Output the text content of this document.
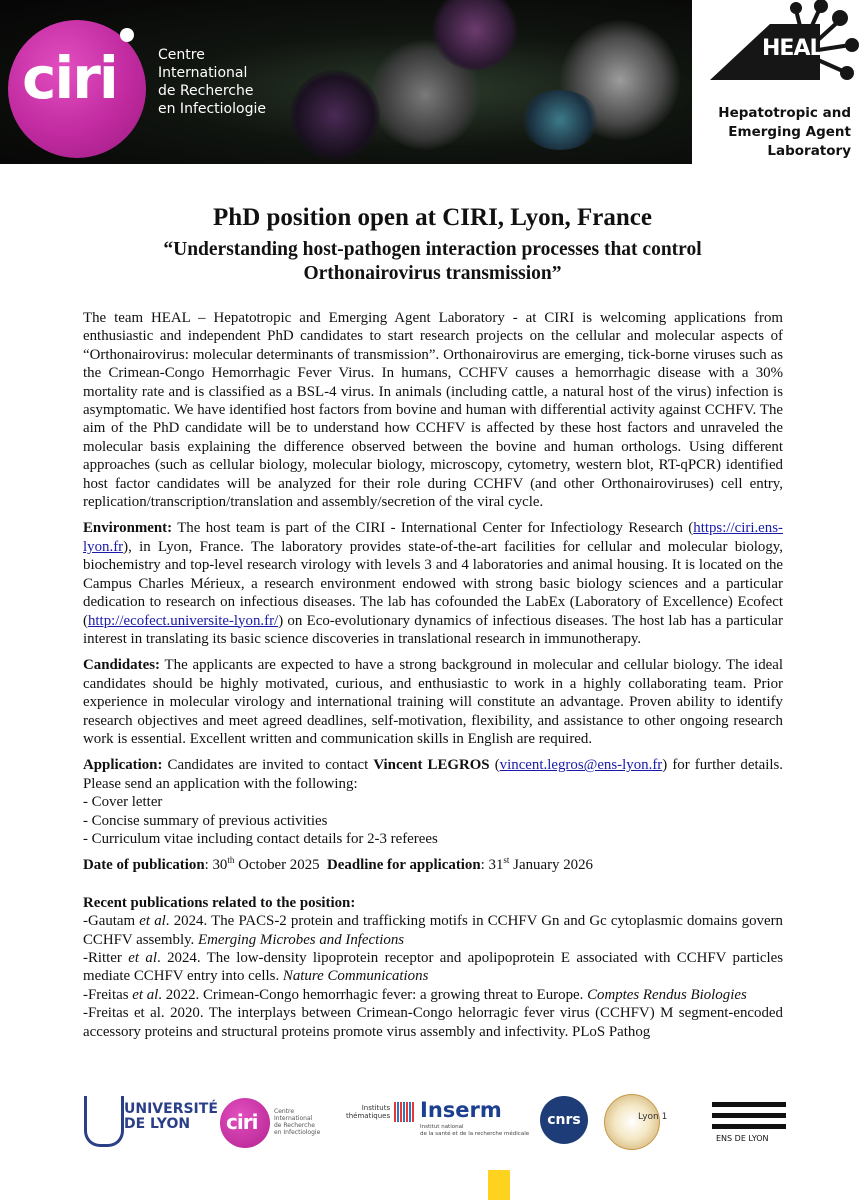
ciri	Centre
International
de Recherche
en Infectiologie
HEAL
Hepatotropic and
Emerging Agent
Laboratory
PhD position open at CIRI, Lyon, France
“Understanding host-pathogen interaction processes that control
Orthonairovirus transmission”

The team HEAL – Hepatotropic and Emerging Agent Laboratory - at CIRI is welcoming applications from enthusiastic and independent PhD candidates to start research projects on the cellular and molecular aspects of “Orthonairovirus: molecular determinants of transmission”. Orthonairovirus are emerging, tick-borne viruses such as the Crimean-Congo Hemorrhagic Fever Virus. In humans, CCHFV causes a hemorrhagic disease with a 30% mortality rate and is classified as a BSL-4 virus. In animals (including cattle, a natural host of the virus) infection is asymptomatic. We have identified host factors from bovine and human with differential activity against CCHFV. The aim of the PhD candidate will be to understand how CCHFV is affected by these host factors and unraveled the molecular basis explaining the difference observed between the bovine and human orthologs. Using different approaches (such as cellular biology, molecular biology, microscopy, cytometry, western blot, RT-qPCR) identified host factor candidates will be analyzed for their role during CCHFV (and other Orthonairoviruses) cell entry, replication/transcription/translation and assembly/secretion of the viral cycle.

Environment: The host team is part of the CIRI - International Center for Infectiology Research (https://ciri.ens-lyon.fr), in Lyon, France. The laboratory provides state-of-the-art facilities for cellular and molecular biology, biochemistry and top-level research virology with levels 3 and 4 laboratories and animal housing. It is located on the Campus Charles Mérieux, a research environment endowed with strong basic biology sciences and a particular dedication to research on infectious diseases. The lab has cofounded the LabEx (Laboratory of Excellence) Ecofect (http://ecofect.universite-lyon.fr/) on Eco-evolutionary dynamics of infectious diseases. The host lab has a particular interest in translating its basic science discoveries in translational research in immunotherapy.

Candidates: The applicants are expected to have a strong background in molecular and cellular biology. The ideal candidates should be highly motivated, curious, and enthusiastic to work in a highly collaborating team. Prior experience in molecular virology and international training will constitute an advantage. Proven ability to identify research objectives and meet agreed deadlines, self-motivation, flexibility, and assistance to other ongoing research work is essential. Excellent written and communication skills in English are required.

Application: Candidates are invited to contact Vincent LEGROS (vincent.legros@ens-lyon.fr) for further details. Please send an application with the following:

- Cover letter
- Concise summary of previous activities
- Curriculum vitae including contact details for 2-3 referees
Date of publication: 30th October 2025 Deadline for application: 31st January 2026
Recent publications related to the position:
-Gautam et al. 2024. The PACS-2 protein and trafficking motifs in CCHFV Gn and Gc cytoplasmic domains govern CCHFV assembly. Emerging Microbes and Infections
-Ritter et al. 2024. The low-density lipoprotein receptor and apolipoprotein E associated with CCHFV particles mediate CCHFV entry into cells. Nature Communications
-Freitas et al. 2022. Crimean-Congo hemorrhagic fever: a growing threat to Europe. Comptes Rendus Biologies
-Freitas et al. 2020. The interplays between Crimean-Congo helorragic fever virus (CCHFV) M segment-encoded accessory proteins and structural proteins promote virus assembly and infectivity. PLoS Pathog
UNIVERSITÉ
DE LYON	ciri	Centre
International
de Recherche
en Infectiologie
Instituts
thématiques Inserm
Institut national
de la santé et de la recherche médicale
cnrs	Lyon 1
ENS DE LYON
